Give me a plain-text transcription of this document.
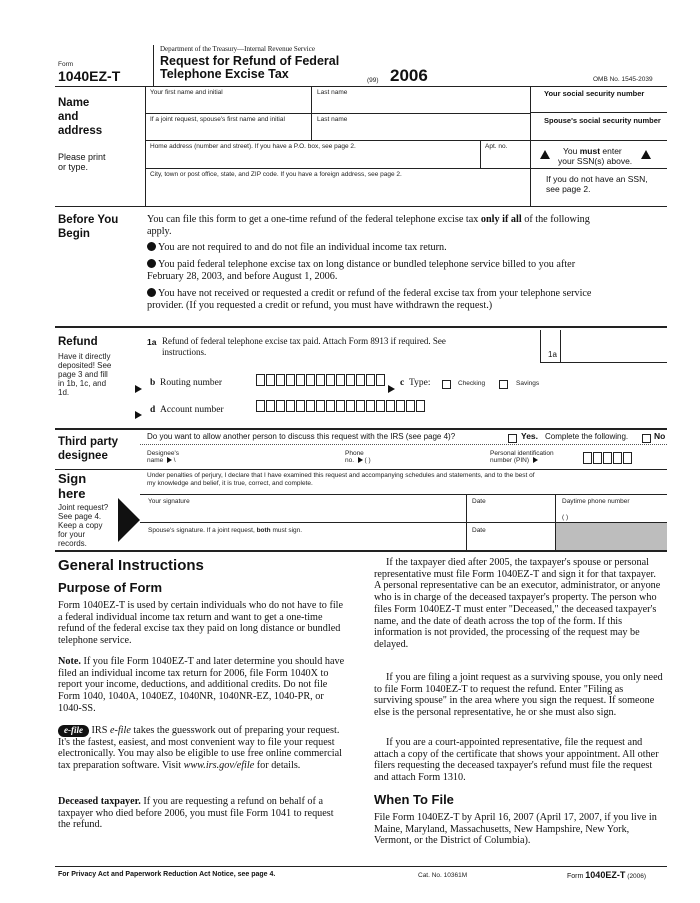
Form
1040EZ-T
Department of the Treasury—Internal Revenue Service
Request for Refund of Federal
Telephone Excise Tax	(99) 2006	OMB No. 1545-2039
Name
and
address
Please print
or type.
Your first name and initial	Last name
If a joint request, spouse's first name and initial	Last name
Home address (number and street). If you have a P.O. box, see page 2.	Apt. no.
City, town or post office, state, and ZIP code. If you have a foreign address, see page 2.
Your social security number
Spouse's social security number
You must enter
your SSN(s) above.
If you do not have an SSN,
see page 2.
Before You
Begin
You can file this form to get a one-time refund of the federal telephone excise tax only if all of the following
apply.
You are not required to and do not file an individual income tax return.
You paid federal telephone excise tax on long distance or bundled telephone service billed to you after
February 28, 2003, and before August 1, 2006.
You have not received or requested a credit or refund of the federal excise tax from your telephone service
provider. (If you requested a credit or refund, you must have withdrawn the request.)
Refund
Have it directly
deposited! See
page 3 and fill
in 1b, 1c, and
1d.
1a Refund of federal telephone excise tax paid. Attach Form 8913 if required. See
instructions.	1a
b Routing number	c Type:	Checking	Savings
d Account number
Third party
designee
Do you want to allow another person to discuss this request with the IRS (see page 4)?	Yes. Complete the following.	No
Designee's
name   \
Phone
no. ( )
Personal identification
number (PIN)
Sign
here
Joint request?
See page 4.
Keep a copy
for your
records.
Under penalties of perjury, I declare that I have examined this request and accompanying schedules and statements, and to the best of
my knowledge and belief, it is true, correct, and complete.
Your signature	Date	Daytime phone number
( )
Spouse's signature. If a joint request, both must sign.	Date
General Instructions
Purpose of Form
Form 1040EZ-T is used by certain individuals who do not have to file a federal individual income tax return and want to get a one-time refund of the federal excise tax they paid on long distance or bundled telephone service.
Note. If you file Form 1040EZ-T and later determine you should have filed an individual income tax return for 2006, file Form 1040X to report your income, deductions, and additional credits. Do not file Form 1040, 1040A, 1040EZ, 1040NR, 1040NR-EZ, 1040-PR, or 1040-SS.
e-file IRS e-file takes the guesswork out of preparing your request. It's the fastest, easiest, and most convenient way to file your request electronically. You may also be eligible to use free online commercial tax preparation software. Visit www.irs.gov/efile for details.
Deceased taxpayer. If you are requesting a refund on behalf of a taxpayer who died before 2006, you must file Form 1041 to request the refund.
If the taxpayer died after 2005, the taxpayer's spouse or personal representative must file Form 1040EZ-T and sign it for that taxpayer. A personal representative can be an executor, administrator, or anyone who is in charge of the deceased taxpayer's property. The person who files Form 1040EZ-T must enter "Deceased," the deceased taxpayer's name, and the date of death across the top of the form. If this information is not provided, the processing of the request may be delayed.
If you are filing a joint request as a surviving spouse, you only need to file Form 1040EZ-T to request the refund. Enter "Filing as surviving spouse" in the area where you sign the request. If someone else is the personal representative, he or she must also sign.
If you are a court-appointed representative, file the request and attach a copy of the certificate that shows your appointment. All other filers requesting the deceased taxpayer's refund must file the request and attach Form 1310.
When To File
File Form 1040EZ-T by April 16, 2007 (April 17, 2007, if you live in Maine, Maryland, Massachusetts, New Hampshire, New York, Vermont, or the District of Columbia).
For Privacy Act and Paperwork Reduction Act Notice, see page 4.	Cat. No. 10361M	Form 1040EZ-T (2006)
